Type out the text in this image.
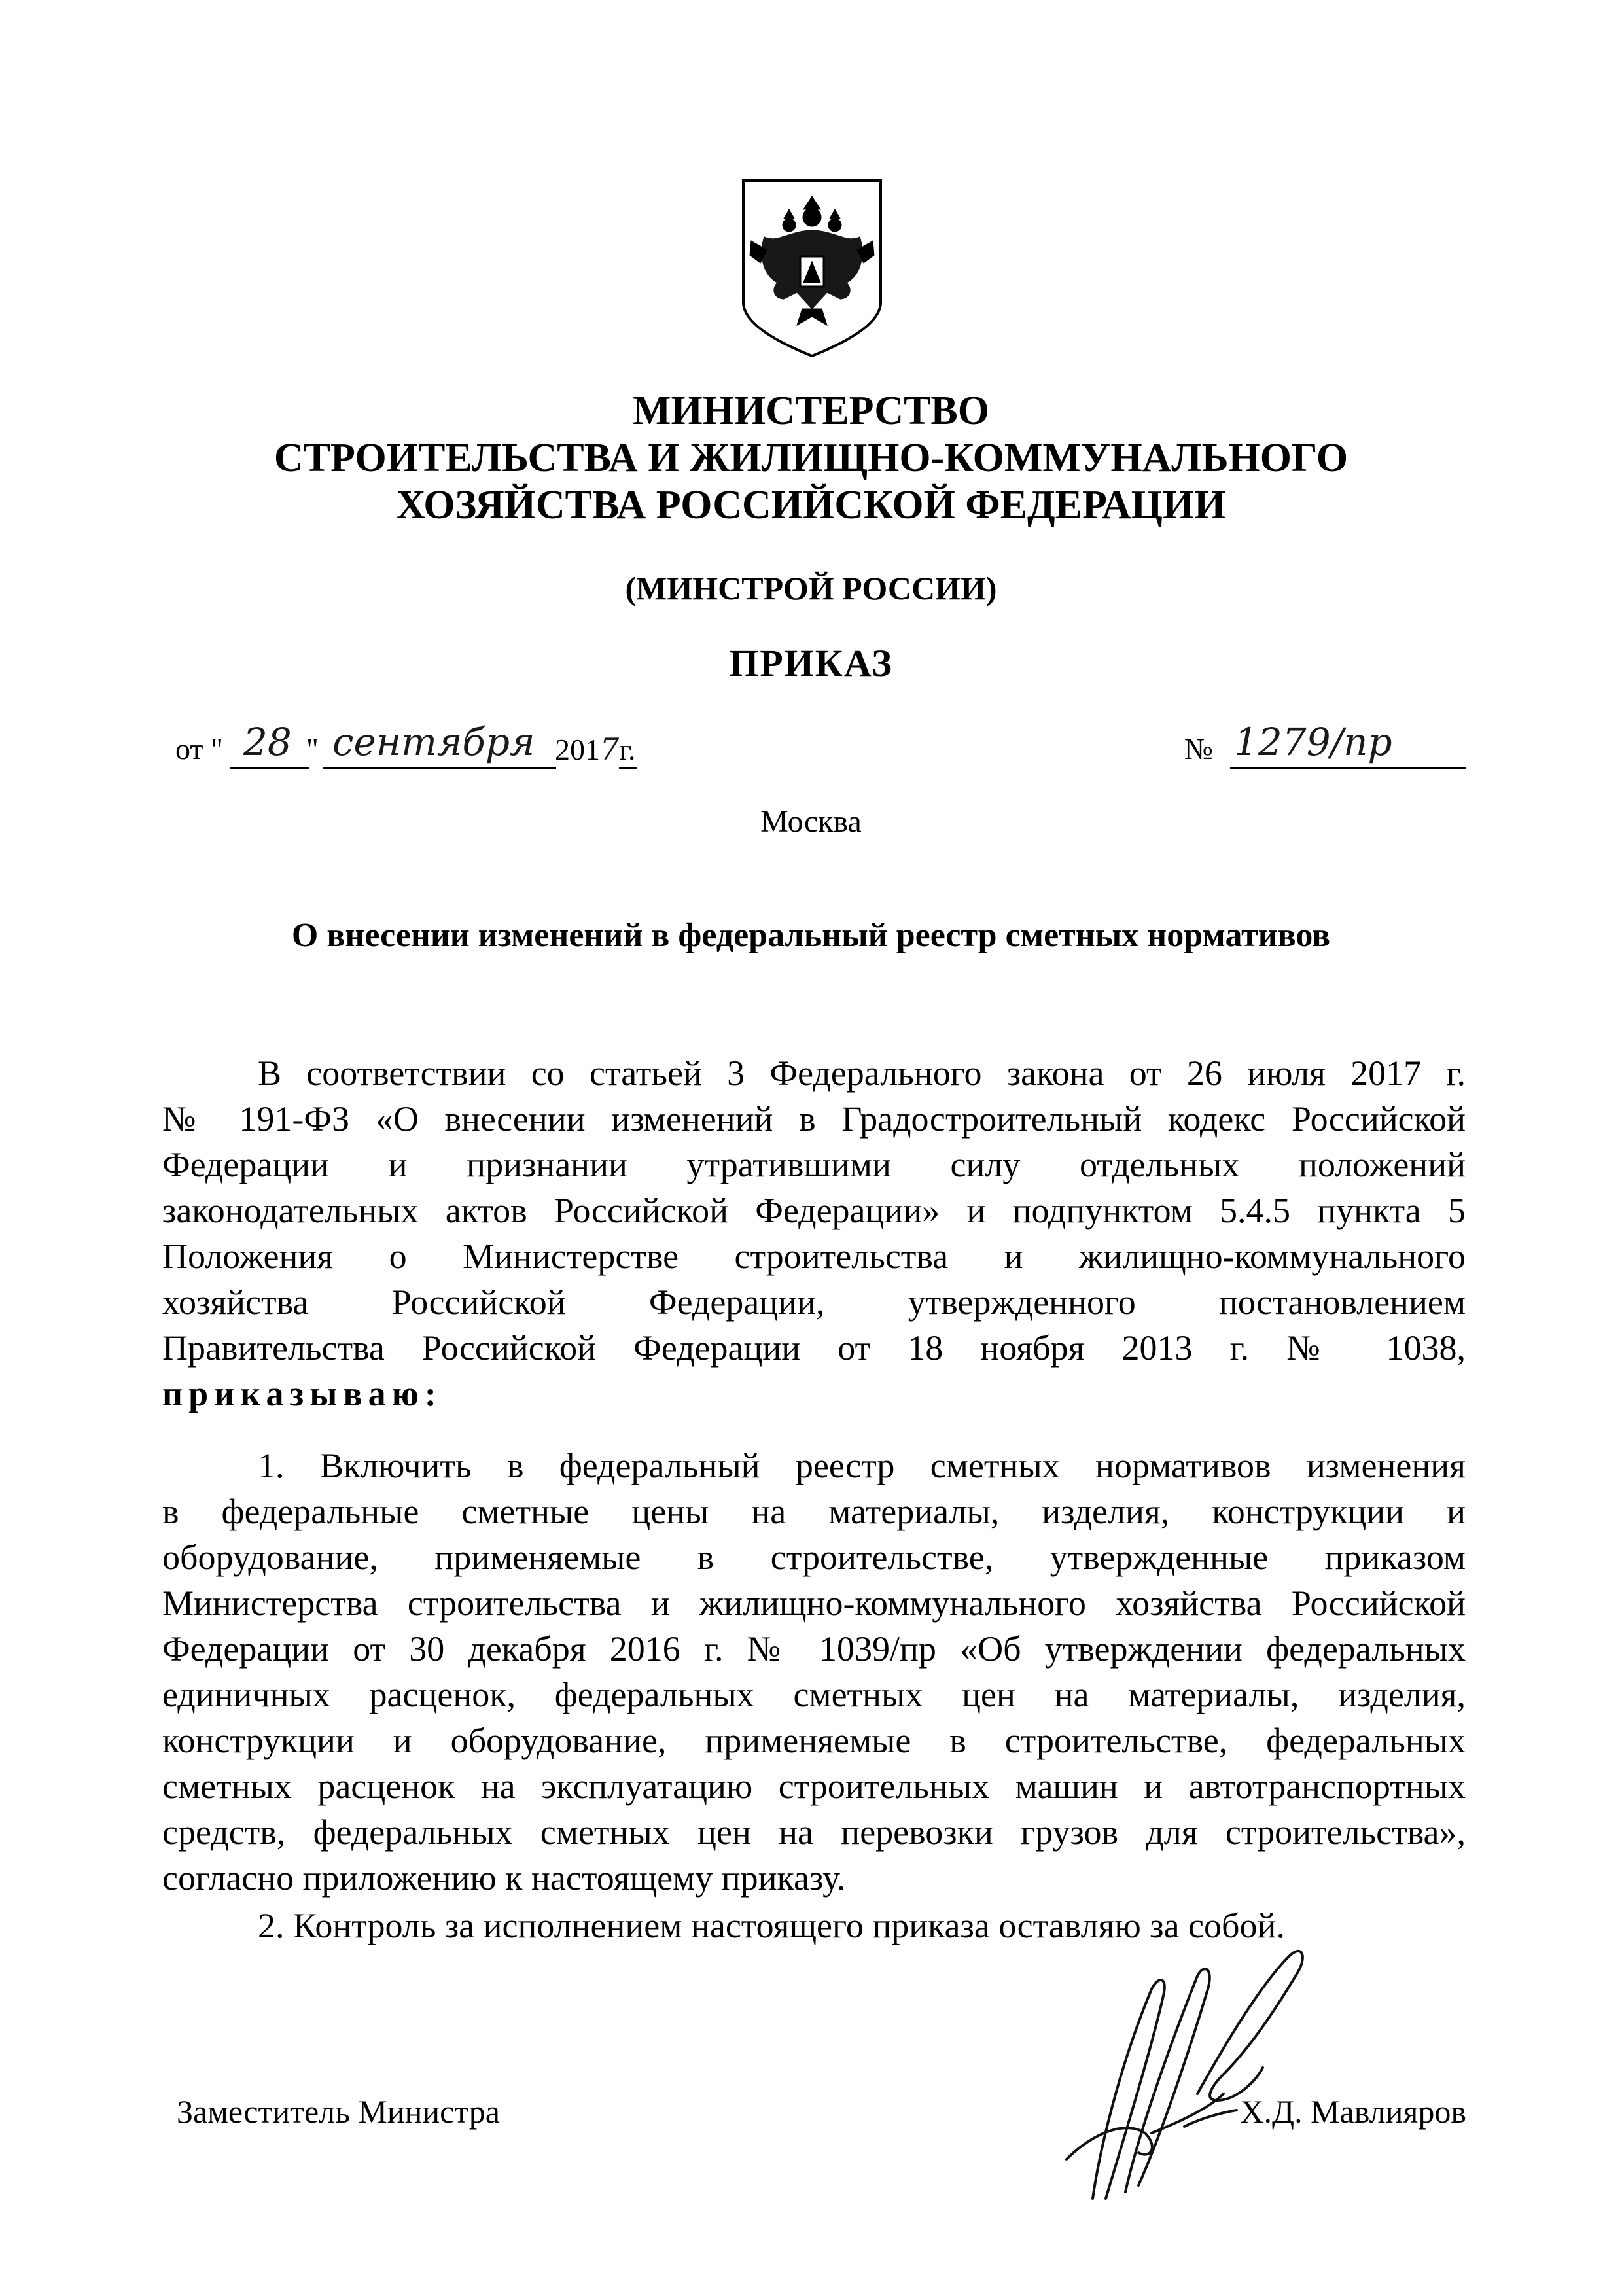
МИНИСТЕРСТВО
СТРОИТЕЛЬСТВА И ЖИЛИЩНО-КОММУНАЛЬНОГО
ХОЗЯЙСТВА РОССИЙСКОЙ ФЕДЕРАЦИИ
(МИНСТРОЙ РОССИИ)
ПРИКАЗ
от " 28 " сентября 2017г.	№ 1279/пр
Москва
О внесении изменений в федеральный реестр сметных нормативов
В соответствии со статьей 3 Федерального закона от 26 июля 2017 г.
№ 191-ФЗ «О внесении изменений в Градостроительный кодекс Российской
Федерации и признании утратившими силу отдельных положений
законодательных актов Российской Федерации» и подпунктом 5.4.5 пункта 5
Положения о Министерстве строительства и жилищно-коммунального
хозяйства Российской Федерации, утвержденного постановлением
Правительства Российской Федерации от 18 ноября 2013 г. № 1038,
приказываю:
1. Включить в федеральный реестр сметных нормативов изменения
в федеральные сметные цены на материалы, изделия, конструкции и
оборудование, применяемые в строительстве, утвержденные приказом
Министерства строительства и жилищно-коммунального хозяйства Российской
Федерации от 30 декабря 2016 г. № 1039/пр «Об утверждении федеральных
единичных расценок, федеральных сметных цен на материалы, изделия,
конструкции и оборудование, применяемые в строительстве, федеральных
сметных расценок на эксплуатацию строительных машин и автотранспортных
средств, федеральных сметных цен на перевозки грузов для строительства»,
согласно приложению к настоящему приказу.
2. Контроль за исполнением настоящего приказа оставляю за собой.
Заместитель Министра	Х.Д. Мавлияров
